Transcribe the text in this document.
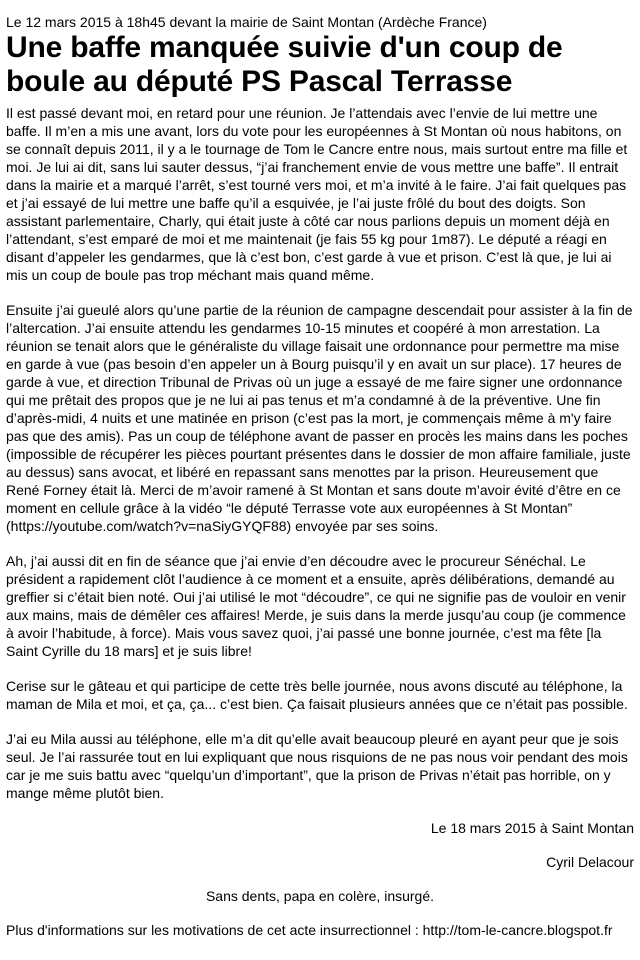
Le 12 mars 2015 à 18h45 devant la mairie de Saint Montan (Ardèche France)

Une baffe manquée suivie d'un coup de boule au député PS Pascal Terrasse

Il est passé devant moi, en retard pour une réunion. Je l’attendais avec l’envie de lui mettre une baffe. Il m’en a mis une avant, lors du vote pour les européennes à St Montan où nous habitons, on se connaît depuis 2011, il y a le tournage de Tom le Cancre entre nous, mais surtout entre ma fille et moi. Je lui ai dit, sans lui sauter dessus, “j’ai franchement envie de vous mettre une baffe”. Il entrait dans la mairie et a marqué l’arrêt, s’est tourné vers moi, et m’a invité à le faire. J’ai fait quelques pas et j’ai essayé de lui mettre une baffe qu’il a esquivée, je l’ai juste frôlé du bout des doigts. Son assistant parlementaire, Charly, qui était juste à côté car nous parlions depuis un moment déjà en l’attendant, s’est emparé de moi et me maintenait (je fais 55 kg pour 1m87). Le député a réagi en disant d’appeler les gendarmes, que là c’est bon, c’est garde à vue et prison. C’est là que, je lui ai mis un coup de boule pas trop méchant mais quand même.

Ensuite j’ai gueulé alors qu’une partie de la réunion de campagne descendait pour assister à la fin de l’altercation. J’ai ensuite attendu les gendarmes 10-15 minutes et coopéré à mon arrestation. La réunion se tenait alors que le généraliste du village faisait une ordonnance pour permettre ma mise en garde à vue (pas besoin d’en appeler un à Bourg puisqu’il y en avait un sur place). 17 heures de garde à vue, et direction Tribunal de Privas où un juge a essayé de me faire signer une ordonnance qui me prêtait des propos que je ne lui ai pas tenus et m’a condamné à de la préventive. Une fin d’après-midi, 4 nuits et une matinée en prison (c’est pas la mort, je commençais même à m'y faire pas que des amis). Pas un coup de téléphone avant de passer en procès les mains dans les poches (impossible de récupérer les pièces pourtant présentes dans le dossier de mon affaire familiale, juste au dessus) sans avocat, et libéré en repassant sans menottes par la prison. Heureusement que René Forney était là. Merci de m’avoir ramené à St Montan et sans doute m’avoir évité d’être en ce moment en cellule grâce à la vidéo “le député Terrasse vote aux européennes à St Montan” (https://youtube.com/watch?v=naSiyGYQF88) envoyée par ses soins.

Ah, j’ai aussi dit en fin de séance que j’ai envie d’en découdre avec le procureur Sénéchal. Le président a rapidement clôt l’audience à ce moment et a ensuite, après délibérations, demandé au greffier si c’était bien noté. Oui j’ai utilisé le mot “découdre”, ce qui ne signifie pas de vouloir en venir aux mains, mais de démêler ces affaires! Merde, je suis dans la merde jusqu’au coup (je commence à avoir l’habitude, à force). Mais vous savez quoi, j’ai passé une bonne journée, c’est ma fête [la Saint Cyrille du 18 mars] et je suis libre!

Cerise sur le gâteau et qui participe de cette très belle journée, nous avons discuté au téléphone, la maman de Mila et moi, et ça, ça... c’est bien. Ça faisait plusieurs années que ce n’était pas possible.

J’ai eu Mila aussi au téléphone, elle m’a dit qu’elle avait beaucoup pleuré en ayant peur que je sois seul. Je l’ai rassurée tout en lui expliquant que nous risquions de ne pas nous voir pendant des mois car je me suis battu avec “quelqu’un d’important”, que la prison de Privas n’était pas horrible, on y mange même plutôt bien.

Le 18 mars 2015 à Saint Montan

Cyril Delacour

Sans dents, papa en colère, insurgé.

Plus d'informations sur les motivations de cet acte insurrectionnel : http://tom-le-cancre.blogspot.fr
